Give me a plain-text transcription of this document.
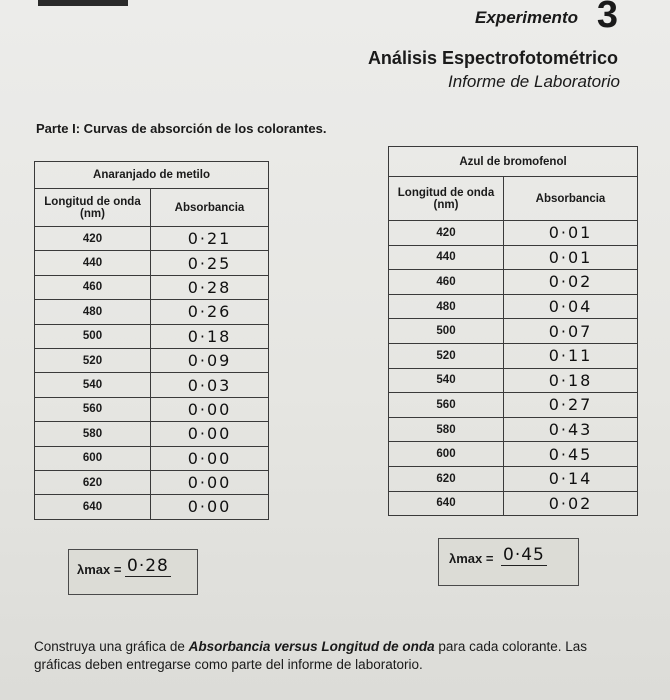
Experimento 3
Análisis Espectrofotométrico
Informe de Laboratorio
Parte I: Curvas de absorción de los colorantes.
Anaranjado de metilo	
Longitud de onda (nm)	Absorbancia
420	0·21
440	0·25
460	0·28
480	0·26
500	0·18
520	0·09
540	0·03
560	0·00
580	0·00
600	0·00
620	0·00
640	0·00
Azul de bromofenol	
Longitud de onda (nm)	Absorbancia
420	0·01
440	0·01
460	0·02
480	0·04
500	0·07
520	0·11
540	0·18
560	0·27
580	0·43
600	0·45
620	0·14
640	0·02
λmax = 0·28	λmax = 0·45
Construya una gráfica de Absorbancia versus Longitud de onda para cada colorante. Las gráficas deben entregarse como parte del informe de laboratorio.
